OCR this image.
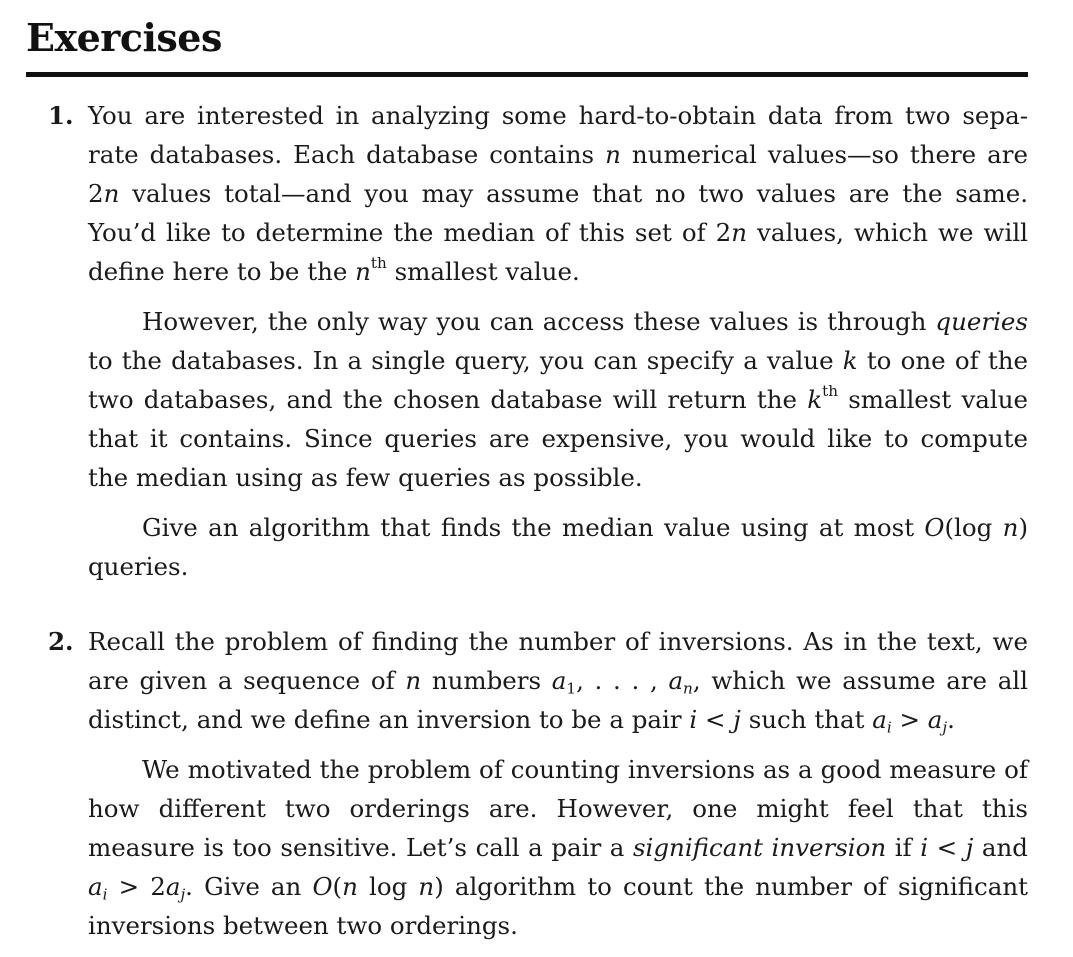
Exercises
1. You are interested in analyzing some hard-to-obtain data from two sepa-rate databases. Each database contains n numerical values—so there are 2n values total—and you may assume that no two values are the same. You’d like to determine the median of this set of 2n values, which we will define here to be the $n^{th}$ smallest value.

However, the only way you can access these values is through queries to the databases. In a single query, you can specify a value k to one of the two databases, and the chosen database will return the $k^{th}$ smallest value that it contains. Since queries are expensive, you would like to compute the median using as few queries as possible.

Give an algorithm that finds the median value using at most O(log n) queries.

2. Recall the problem of finding the number of inversions. As in the text, we are given a sequence of n numbers $a_1$, . . . , $a_n$, which we assume are all distinct, and we define an inversion to be a pair i < j such that $a_i > a_j$.

We motivated the problem of counting inversions as a good measure of how different two orderings are. However, one might feel that this measure is too sensitive. Let’s call a pair a significant inversion if i < j and $a_i > 2a_j$. Give an O(n log n) algorithm to count the number of significant inversions between two orderings.
